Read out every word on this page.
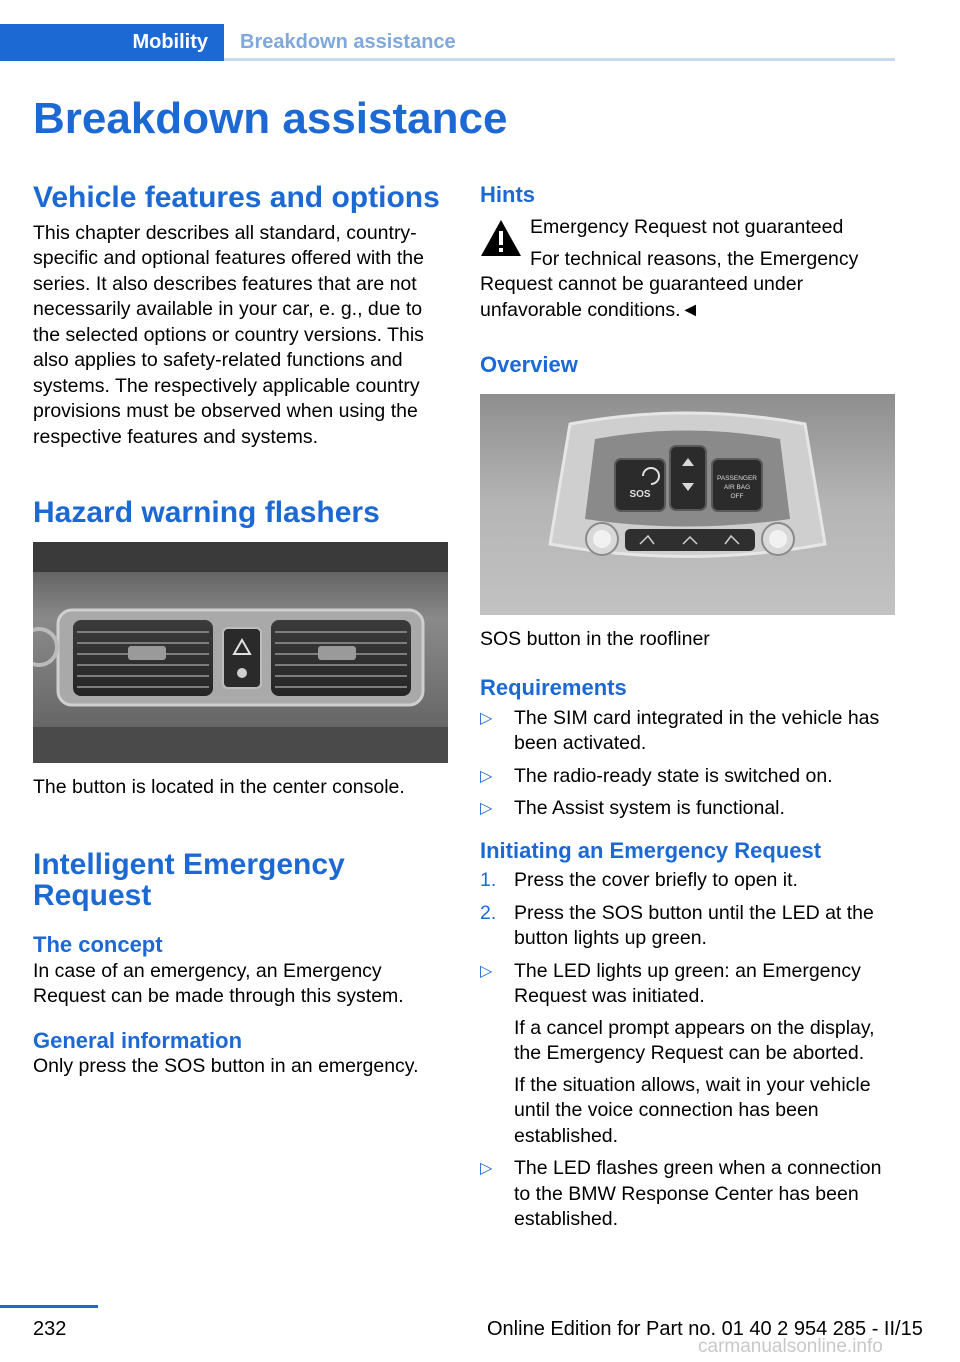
Mobility	Breakdown assistance
Breakdown assistance
Vehicle features and options

This chapter describes all standard, country-specific and optional features offered with the series. It also describes features that are not necessarily available in your car, e. g., due to the selected options or country versions. This also applies to safety-related functions and systems. The respectively applicable country provisions must be observed when using the respective features and systems.

Hazard warning flashers

The button is located in the center console.

Intelligent Emergency Request
The concept

In case of an emergency, an Emergency Request can be made through this system.

General information

Only press the SOS button in an emergency.

Hints

Emergency Request not guaranteed

For technical reasons, the Emergency Request cannot be guaranteed under unfavorable conditions.◄

Overview
SOS
PASSENGER
AIR BAG
OFF

SOS button in the roofliner

Requirements
▷ The SIM card integrated in the vehicle has been activated.
▷ The radio-ready state is switched on.
▷ The Assist system is functional.
Initiating an Emergency Request
1. Press the cover briefly to open it.
2. Press the SOS button until the LED at the button lights up green.
▷ The LED lights up green: an Emergency Request was initiated.

If a cancel prompt appears on the display, the Emergency Request can be aborted.

If the situation allows, wait in your vehicle until the voice connection has been established.

▷ The LED flashes green when a connection to the BMW Response Center has been established.
232	Online Edition for Part no. 01 40 2 954 285 - II/15
carmanualsonline.info
